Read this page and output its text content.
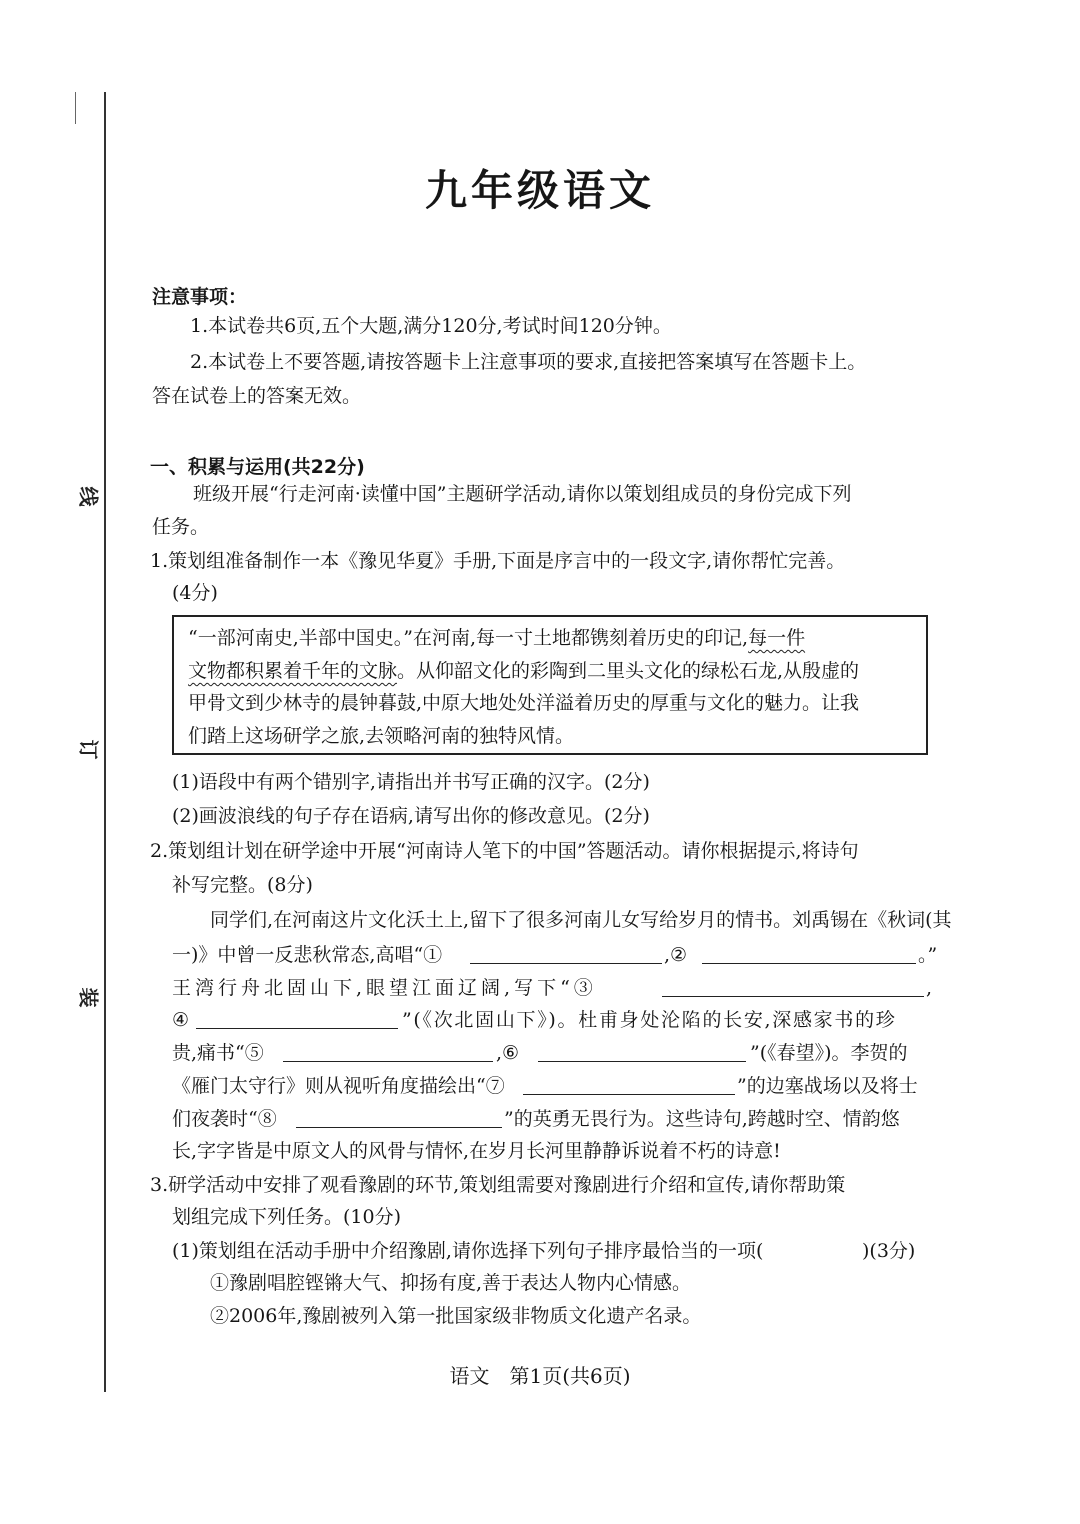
线
订
装
九年级语文
注意事项：
1.本试卷共6页,五个大题,满分120分,考试时间120分钟。
2.本试卷上不要答题,请按答题卡上注意事项的要求,直接把答案填写在答题卡上。
答在试卷上的答案无效。
一、积累与运用(共22分)
班级开展“行走河南·读懂中国”主题研学活动,请你以策划组成员的身份完成下列
任务。
1.策划组准备制作一本《豫见华夏》手册,下面是序言中的一段文字,请你帮忙完善。
(4分)
“一部河南史,半部中国史。”在河南,每一寸土地都镌刻着历史的印记,每一件
文物都积累着千年的文脉。从仰韶文化的彩陶到二里头文化的绿松石龙,从殷虚的
甲骨文到少林寺的晨钟暮鼓,中原大地处处洋溢着历史的厚重与文化的魅力。让我
们踏上这场研学之旅,去领略河南的独特风情。
(1)语段中有两个错别字,请指出并书写正确的汉字。(2分)
(2)画波浪线的句子存在语病,请写出你的修改意见。(2分)
2.策划组计划在研学途中开展“河南诗人笔下的中国”答题活动。请你根据提示,将诗句
补写完整。(8分)
同学们,在河南这片文化沃土上,留下了很多河南儿女写给岁月的情书。刘禹锡在《秋词(其
一)》中曾一反悲秋常态,高唱“①	,②	。”
王湾行舟北固山下,眼望江面辽阔,写下“③	,
④	”(《次北固山下》)。杜甫身处沦陷的长安,深感家书的珍
贵,痛书“⑤	,⑥	”(《春望》)。李贺的
《雁门太守行》则从视听角度描绘出“⑦	”的边塞战场以及将士
们夜袭时“⑧	”的英勇无畏行为。这些诗句,跨越时空、情韵悠
长,字字皆是中原文人的风骨与情怀,在岁月长河里静静诉说着不朽的诗意!
3.研学活动中安排了观看豫剧的环节,策划组需要对豫剧进行介绍和宣传,请你帮助策
划组完成下列任务。(10分)
(1)策划组在活动手册中介绍豫剧,请你选择下列句子排序最恰当的一项(	)(3分)
①豫剧唱腔铿锵大气、抑扬有度,善于表达人物内心情感。
②2006年,豫剧被列入第一批国家级非物质文化遗产名录。
语文　第1页(共6页)
